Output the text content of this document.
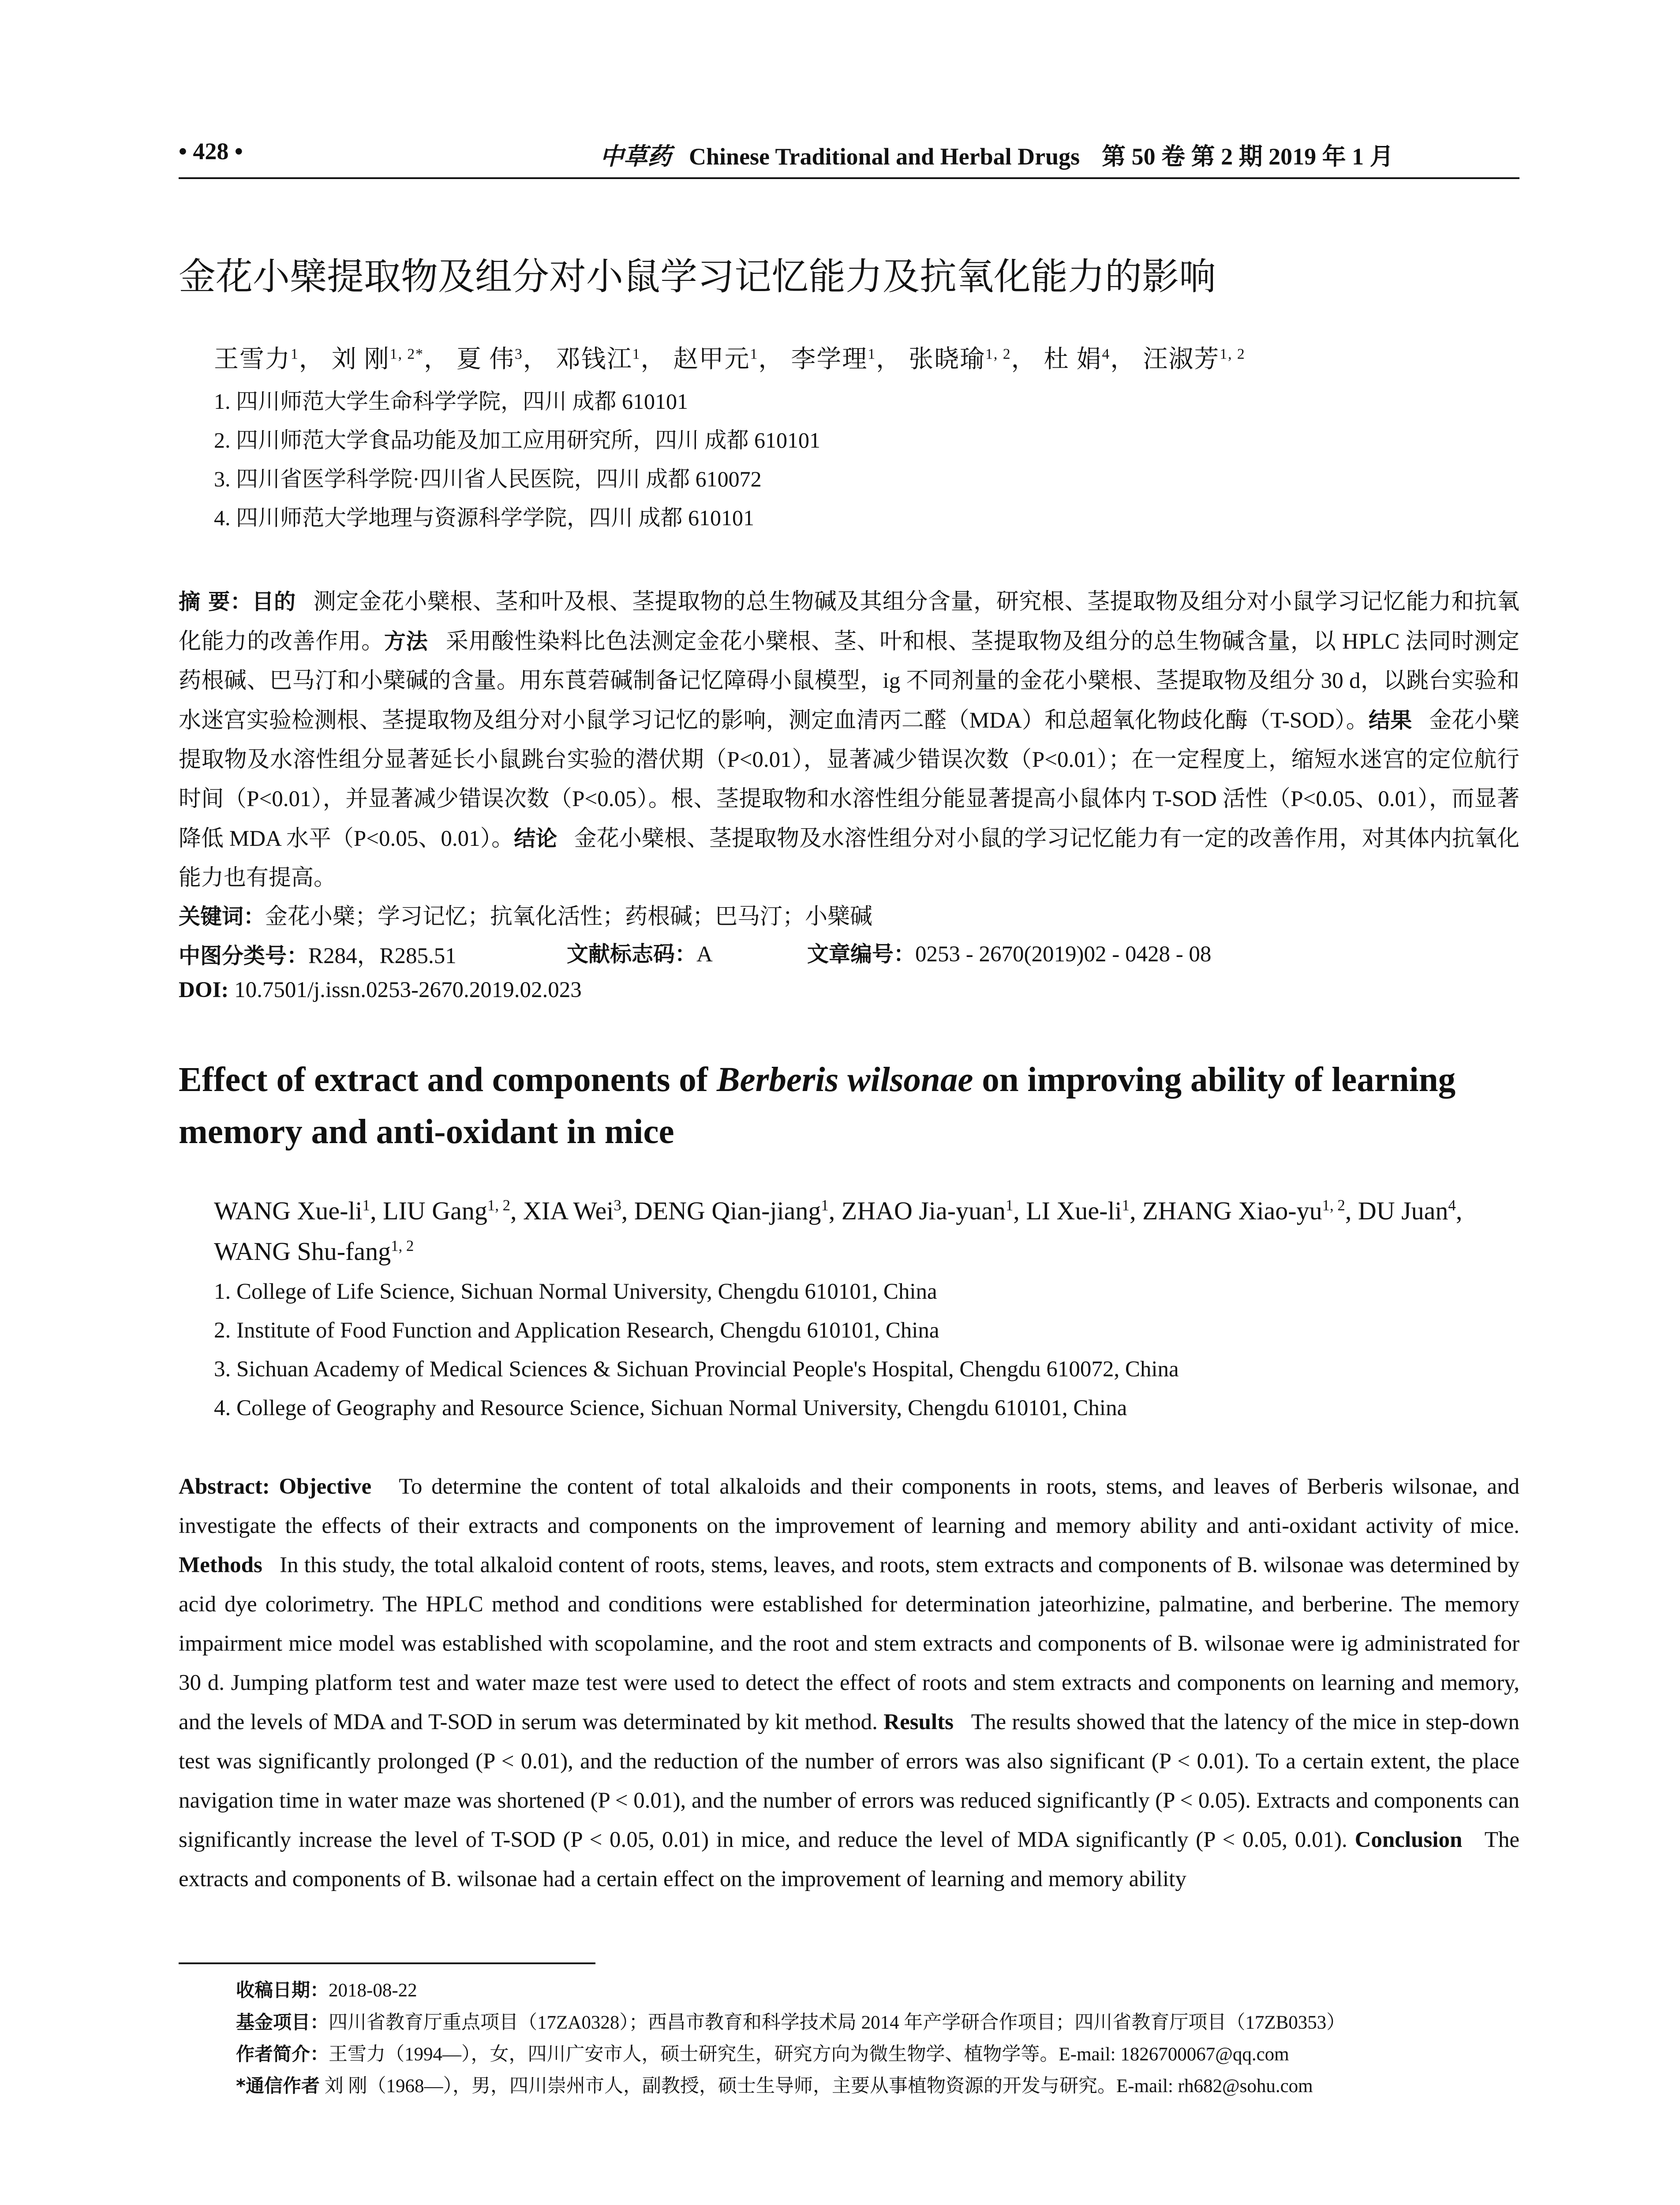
• 428 •	中草药 Chinese Traditional and Herbal Drugs 第 50 卷 第 2 期 2019 年 1 月
金花小檗提取物及组分对小鼠学习记忆能力及抗氧化能力的影响
王雪力$^1$， 刘 刚$^{1, 2*}$， 夏 伟$^3$， 邓钱江$^1$， 赵甲元$^1$， 李学理$^1$， 张晓瑜$^{1, 2}$， 杜 娟$^4$， 汪淑芳$^{1, 2}$
1. 四川师范大学生命科学学院，四川 成都 610101
2. 四川师范大学食品功能及加工应用研究所，四川 成都 610101
3. 四川省医学科学院·四川省人民医院，四川 成都 610072
4. 四川师范大学地理与资源科学学院，四川 成都 610101
摘 要：目的 测定金花小檗根、茎和叶及根、茎提取物的总生物碱及其组分含量，研究根、茎提取物及组分对小鼠学习记忆能力和抗氧化能力的改善作用。方法 采用酸性染料比色法测定金花小檗根、茎、叶和根、茎提取物及组分的总生物碱含量，以 HPLC 法同时测定药根碱、巴马汀和小檗碱的含量。用东莨菪碱制备记忆障碍小鼠模型，ig 不同剂量的金花小檗根、茎提取物及组分 30 d，以跳台实验和水迷宫实验检测根、茎提取物及组分对小鼠学习记忆的影响，测定血清丙二醛（MDA）和总超氧化物歧化酶（T-SOD）。结果 金花小檗提取物及水溶性组分显著延长小鼠跳台实验的潜伏期（P<0.01），显著减少错误次数（P<0.01）；在一定程度上，缩短水迷宫的定位航行时间（P<0.01），并显著减少错误次数（P<0.05）。根、茎提取物和水溶性组分能显著提高小鼠体内 T-SOD 活性（P<0.05、0.01），而显著降低 MDA 水平（P<0.05、0.01）。结论 金花小檗根、茎提取物及水溶性组分对小鼠的学习记忆能力有一定的改善作用，对其体内抗氧化能力也有提高。
关键词：金花小檗；学习记忆；抗氧化活性；药根碱；巴马汀；小檗碱
中图分类号：R284，R285.51	文献标志码：A	文章编号：0253 - 2670(2019)02 - 0428 - 08
DOI: 10.7501/j.issn.0253-2670.2019.02.023
Effect of extract and components of Berberis wilsonae on improving ability of learning memory and anti-oxidant in mice
WANG Xue-$li^1$, LIU Gang$^{1, 2}$, XIA Wei$^3$, DENG Qian-jiang$^1$, ZHAO Jia-yuan$^1$, LI Xue-$li^1$, ZHANG Xiao-yu$^{1, 2}$, DU Juan$^4$, WANG Shu-fang$^{1, 2}$
1. College of Life Science, Sichuan Normal University, Chengdu 610101, China
2. Institute of Food Function and Application Research, Chengdu 610101, China
3. Sichuan Academy of Medical Sciences & Sichuan Provincial People's Hospital, Chengdu 610072, China
4. College of Geography and Resource Science, Sichuan Normal University, Chengdu 610101, China
Abstract: Objective To determine the content of total alkaloids and their components in roots, stems, and leaves of Berberis wilsonae, and investigate the effects of their extracts and components on the improvement of learning and memory ability and anti-oxidant activity of mice. Methods In this study, the total alkaloid content of roots, stems, leaves, and roots, stem extracts and components of B. wilsonae was determined by acid dye colorimetry. The HPLC method and conditions were established for determination jateorhizine, palmatine, and berberine. The memory impairment mice model was established with scopolamine, and the root and stem extracts and components of B. wilsonae were ig administrated for 30 d. Jumping platform test and water maze test were used to detect the effect of roots and stem extracts and components on learning and memory, and the levels of MDA and T-SOD in serum was determinated by kit method. Results The results showed that the latency of the mice in step-down test was significantly prolonged (P < 0.01), and the reduction of the number of errors was also significant (P < 0.01). To a certain extent, the place navigation time in water maze was shortened (P < 0.01), and the number of errors was reduced significantly (P < 0.05). Extracts and components can significantly increase the level of T-SOD (P < 0.05, 0.01) in mice, and reduce the level of MDA significantly (P < 0.05, 0.01). Conclusion The extracts and components of B. wilsonae had a certain effect on the improvement of learning and memory ability
收稿日期：2018-08-22
基金项目：四川省教育厅重点项目（17ZA0328）；西昌市教育和科学技术局 2014 年产学研合作项目；四川省教育厅项目（17ZB0353）
作者简介：王雪力（1994—），女，四川广安市人，硕士研究生，研究方向为微生物学、植物学等。E-mail: 1826700067@qq.com
*通信作者 刘 刚（1968—），男，四川崇州市人，副教授，硕士生导师，主要从事植物资源的开发与研究。E-mail: rh682@sohu.com
